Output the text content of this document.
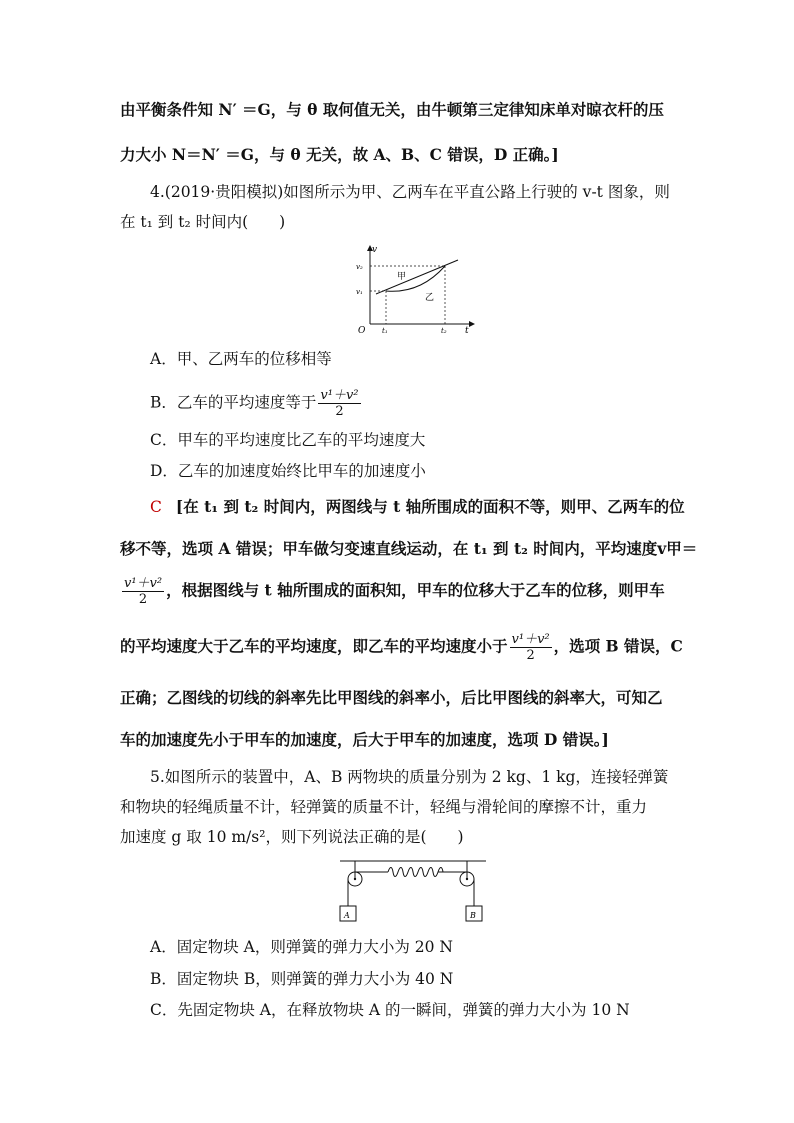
由平衡条件知 N′ ＝G，与 θ 取何值无关，由牛顿第三定律知床单对晾衣杆的压
力大小 N＝N′ ＝G，与 θ 无关，故 A、B、C 错误，D 正确。]
4.(2019·贵阳模拟)如图所示为甲、乙两车在平直公路上行驶的 v-t 图象，则
在 t₁ 到 t₂ 时间内(　　)
v
t
O
v₂
v₁
t₁	t₂
甲
乙
A．甲、乙两车的位移相等
B．乙车的平均速度等于 $\frac{\text{v¹＋v²}}{2}$
C．甲车的平均速度比乙车的平均速度大
D．乙车的加速度始终比甲车的加速度小
C [在 t₁ 到 t₂ 时间内，两图线与 t 轴所围成的面积不等，则甲、乙两车的位
移不等，选项 A 错误；甲车做匀变速直线运动，在 t₁ 到 t₂ 时间内，平均速度v甲＝
$\frac{\text{v¹＋v²}}{2}$ ，根据图线与 t 轴所围成的面积知，甲车的位移大于乙车的位移，则甲车
的平均速度大于乙车的平均速度，即乙车的平均速度小于 $\frac{\text{v¹＋v²}}{2}$ ，选项 B 错误，C
正确；乙图线的切线的斜率先比甲图线的斜率小，后比甲图线的斜率大，可知乙
车的加速度先小于甲车的加速度，后大于甲车的加速度，选项 D 错误。]
5.如图所示的装置中，A、B 两物块的质量分别为 2 kg、1 kg，连接轻弹簧
和物块的轻绳质量不计，轻弹簧的质量不计，轻绳与滑轮间的摩擦不计，重力
加速度 g 取 10 m/s²，则下列说法正确的是(　　)
A	B
A．固定物块 A，则弹簧的弹力大小为 20 N
B．固定物块 B，则弹簧的弹力大小为 40 N
C．先固定物块 A，在释放物块 A 的一瞬间，弹簧的弹力大小为 10 N
